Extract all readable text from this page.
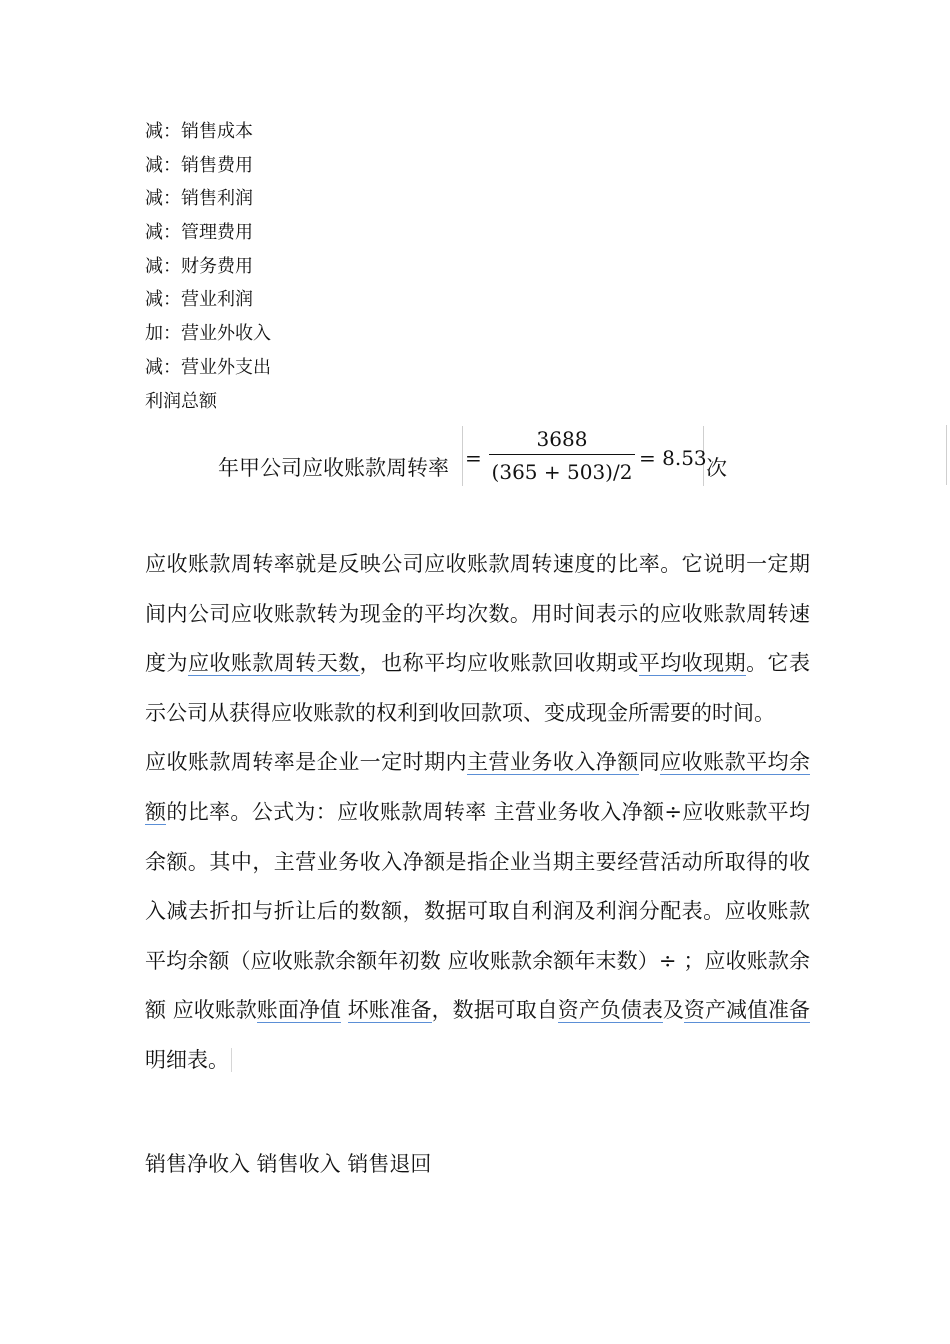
减：销售成本
减：销售费用
减：销售利润
减：管理费用
减：财务费用
减：营业利润
加：营业外收入
减：营业外支出
利润总额
年甲公司应收账款周转率 =
3688
(365 + 503)/2
= 8.53 次

应收账款周转率就是反映公司应收账款周转速度的比率。它说明一定期间内公司应收账款转为现金的平均次数。用时间表示的应收账款周转速度为应收账款周转天数，也称平均应收账款回收期或平均收现期。它表示公司从获得应收账款的权利到收回款项、变成现金所需要的时间。

应收账款周转率是企业一定时期内主营业务收入净额同应收账款平均余额的比率。公式为：应收账款周转率 主营业务收入净额÷应收账款平均余额。其中，主营业务收入净额是指企业当期主要经营活动所取得的收入减去折扣与折让后的数额，数据可取自利润及利润分配表。应收账款平均余额（应收账款余额年初数 应收账款余额年末数）÷ ；应收账款余额 应收账款账面净值 坏账准备，数据可取自资产负债表及资产减值准备明细表。

销售净收入 销售收入 销售退回
